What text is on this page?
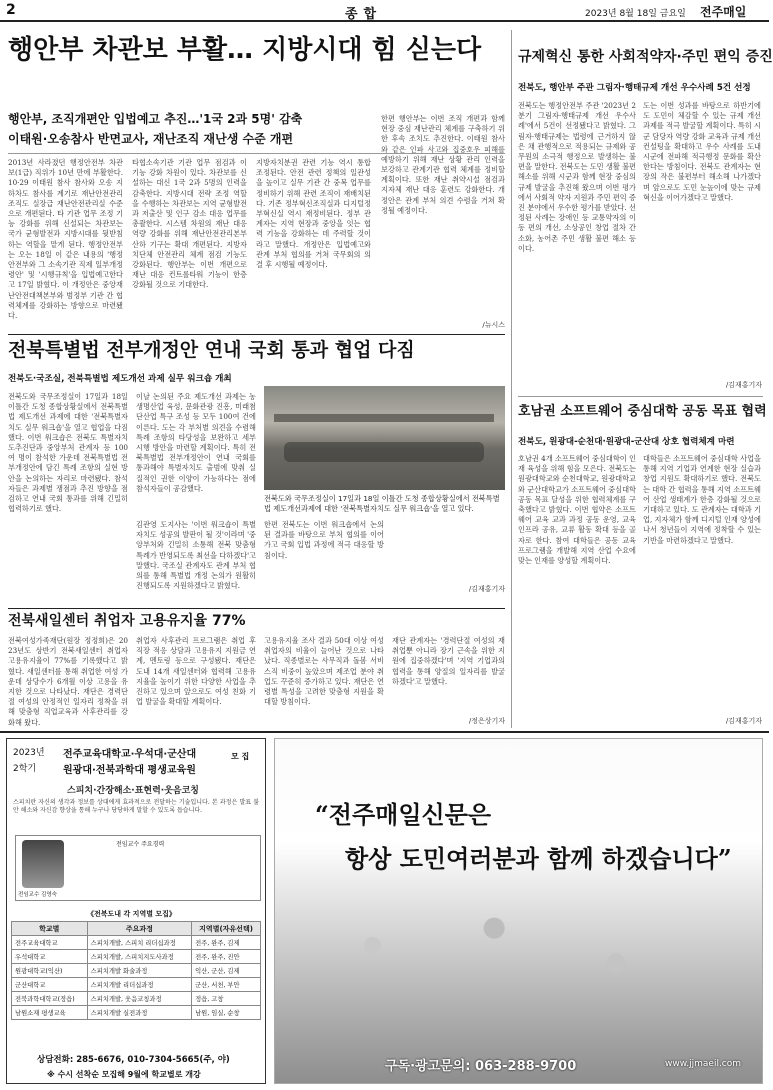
2	종합	2023년 8월 18일 금요일 전주매일
행안부 차관보 부활… 지방시대 힘 싣는다
행안부, 조직개편안 입법예고 추진…'1국 2과 5명' 감축
이태원·오송참사 반면교사, 재난조직 재난생 수준 개편
2013년 사라졌던 행정안전부 차관보(1급) 직위가 10년 만에 부활한다. 10·29 이태원 참사 참사와 오송 지하차도 참사를 계기로 재난안전관리 조직도 실장급 재난안전관리실 수준으로 개편된다. 타 기관 업무 조정 기능 강화를 위해 신설되는 차관보는 국가 균형발전과 지방시대를 뒷받침하는 역할을 맡게 된다. 행정안전부는 오는 18일 이 같은 내용의 '행정안전부와 그 소속기관 직제 일부개정령안' 및 '시행규칙'을 입법예고한다고 17일 밝혔다. 이 개정안은 중앙재난안전대책본부와 범정부 기관 간 협력체계를 강화하는 방향으로 마련됐다.
타협소속기관 기관 업무 점검과 이 기능 강화 차원이 있다. 차관보를 신설하는 대신 1국 2과 5명의 인력을 감축한다. 지방시대 전략 조정 역할을 수행하는 차관보는 지역 균형발전과 저출산 및 인구 감소 대응 업무를 총괄한다. 시스템 차원의 재난 대응 역량 강화를 위해 재난안전관리본부 산하 기구는 확대 개편된다. 지방자치단체 안전관리 체계 점검 기능도 강화된다. 행안부는 이번 개편으로 재난 대응 컨트롤타워 기능이 한층 강화될 것으로 기대한다.
지방자치분권 관련 기능 역시 통합 조정된다. 안전 관련 정책의 일관성을 높이고 실무 기관 간 중복 업무를 정비하기 위해 관련 조직이 재배치된다. 기존 정부혁신조직실과 디지털정부혁신실 역시 재정비된다. 정부 관계자는 지역 현장과 중앙을 잇는 협력 기능을 강화하는 데 주력할 것이라고 말했다. 개정안은 입법예고와 관계 부처 협의를 거쳐 국무회의 의결 후 시행될 예정이다.
한편 행안부는 이번 조직 개편과 함께 현장 중심 재난관리 체계를 구축하기 위한 후속 조치도 추진한다. 이태원 참사와 같은 인파 사고와 집중호우 피해를 예방하기 위해 재난 상황 관리 인력을 보강하고 관계기관 협력 체계를 정비할 계획이다. 또한 재난 취약시설 점검과 지자체 재난 대응 훈련도 강화한다. 개정안은 관계 부처 의견 수렴을 거쳐 확정될 예정이다.
/뉴시스
규제혁신 통한 사회적약자·주민 편익 증진
전북도, 행안부 주관 그림자·행태규제 개선 우수사례 5건 선정
전북도는 행정안전부 주관 '2023년 2분기 그림자·행태규제 개선 우수사례'에서 5건이 선정됐다고 밝혔다. 그림자·행태규제는 법령에 근거하지 않은 채 관행적으로 적용되는 규제와 공무원의 소극적 행정으로 발생하는 불편을 말한다. 전북도는 도민 생활 불편 해소를 위해 시군과 함께 현장 중심의 규제 발굴을 추진해 왔으며 이번 평가에서 사회적 약자 지원과 주민 편익 증진 분야에서 우수한 평가를 받았다. 선정된 사례는 장애인 등 교통약자의 이동 편의 개선, 소상공인 창업 절차 간소화, 농어촌 주민 생활 불편 해소 등이다.
도는 이번 성과를 바탕으로 하반기에도 도민이 체감할 수 있는 규제 개선 과제를 적극 발굴할 계획이다. 특히 시군 담당자 역량 강화 교육과 규제 개선 컨설팅을 확대하고 우수 사례를 도내 시군에 전파해 적극행정 문화를 확산한다는 방침이다. 전북도 관계자는 현장의 작은 불편부터 해소해 나가겠다며 앞으로도 도민 눈높이에 맞는 규제혁신을 이어가겠다고 말했다.
/김재홍기자
호남권 소프트웨어 중심대학 공동 목표 협력
전북도, 원광대-순천대·원광대-군산대 상호 협력체계 마련
호남권 4개 소프트웨어 중심대학이 인재 육성을 위해 힘을 모은다. 전북도는 원광대학교와 순천대학교, 원광대학교와 군산대학교가 소프트웨어 중심대학 공동 목표 달성을 위한 협력체계를 구축했다고 밝혔다. 이번 협약은 소프트웨어 교육 교과 과정 공동 운영, 교육 인프라 공유, 교류 활동 확대 등을 골자로 한다. 참여 대학들은 공동 교육 프로그램을 개발해 지역 산업 수요에 맞는 인재를 양성할 계획이다.
대학들은 소프트웨어 중심대학 사업을 통해 지역 기업과 연계한 현장 실습과 창업 지원도 확대하기로 했다. 전북도는 대학 간 협력을 통해 지역 소프트웨어 산업 생태계가 한층 강화될 것으로 기대하고 있다. 도 관계자는 대학과 기업, 지자체가 함께 디지털 인재 양성에 나서 청년들이 지역에 정착할 수 있는 기반을 마련하겠다고 말했다.
/김재홍기자
전북특별법 전부개정안 연내 국회 통과 협업 다짐
전북도·국조실, 전북특별법 제도개선 과제 실무 워크숍 개최
전북도와 국무조정실이 17일과 18일 이틀간 도청 종합상황실에서 전북특별법 제도개선 과제에 대한 '전북특별자치도 실무 워크숍'을 열고 협업을 다짐했다. 이번 워크숍은 전북도 특별자치도추진단과 중앙부처 관계자 등 100여 명이 참석한 가운데 전북특별법 전부개정안에 담긴 특례 조항의 실현 방안을 논의하는 자리로 마련됐다. 참석자들은 과제별 쟁점과 추진 방향을 점검하고 연내 국회 통과를 위해 긴밀히 협력하기로 했다.
이날 논의된 주요 제도개선 과제는 농생명산업 육성, 문화관광 진흥, 미래첨단산업 특구 조성 등 모두 100여 건에 이른다. 도는 각 부처별 의견을 수렴해 특례 조항의 타당성을 보완하고 세부 시행 방안을 마련할 계획이다. 특히 전북특별법 전부개정안이 연내 국회를 통과해야 특별자치도 출범에 맞춰 실질적인 권한 이양이 가능하다는 점에 참석자들이 공감했다.
전북도와 국무조정실이 17일과 18일 이틀간 도청 종합상황실에서 전북특별법 제도개선과제에 대한 '전북특별자치도 실무 워크숍'을 열고 있다.
김관영 도지사는 '이번 워크숍이 특별자치도 성공의 발판이 될 것'이라며 '중앙부처와 긴밀히 소통해 전북 맞춤형 특례가 반영되도록 최선을 다하겠다'고 말했다. 국조실 관계자도 관계 부처 협의를 통해 특별법 개정 논의가 원활히 진행되도록 지원하겠다고 밝혔다.
한편 전북도는 이번 워크숍에서 논의된 결과를 바탕으로 부처 협의를 이어가고 국회 입법 과정에 적극 대응할 방침이다.
/김재홍기자
전북새일센터 취업자 고용유지율 77%
전북여성가족재단(원장 정정희)은 2023년도 상반기 전북새일센터 취업자 고용유지율이 77%를 기록했다고 밝혔다. 새일센터를 통해 취업한 여성 가운데 상당수가 6개월 이상 고용을 유지한 것으로 나타났다. 재단은 경력단절 여성의 안정적인 일자리 정착을 위해 맞춤형 직업교육과 사후관리를 강화해 왔다.
취업자 사후관리 프로그램은 취업 후 직장 적응 상담과 고용유지 지원금 연계, 멘토링 등으로 구성됐다. 재단은 도내 14개 새일센터와 협력해 고용유지율을 높이기 위한 다양한 사업을 추진하고 있으며 앞으로도 여성 친화 기업 발굴을 확대할 계획이다.
고용유지율 조사 결과 50대 이상 여성 취업자의 비율이 늘어난 것으로 나타났다. 직종별로는 사무직과 돌봄 서비스직 비중이 높았으며 제조업 분야 취업도 꾸준히 증가하고 있다. 재단은 연령별 특성을 고려한 맞춤형 지원을 확대할 방침이다.
재단 관계자는 '경력단절 여성의 재취업뿐 아니라 장기 근속을 위한 지원에 집중하겠다'며 '지역 기업과의 협력을 통해 양질의 일자리를 발굴하겠다'고 말했다.
/정은상기자
2023년
2학기
전주교육대학교·우석대·군산대
원광대·전북과학대 평생교육원
모 집
스피치·간장해소·표현력·웃음코칭
스피치란 자신의 생각과 정보를 상대에게 효과적으로 전달하는 기술입니다. 본 과정은 발표 불안 해소와 자신감 향상을 통해 누구나 당당하게 말할 수 있도록 돕습니다.
전임교수 김영숙
전임교수 주요경력
《전북도내 각 지역별 모집》
학교별	주요과정	지역별(자유선택)
전주교육대학교	스피치개발, 스피치 리더십과정	전주, 완주, 김제
우석대학교	스피치개발, 스피치지도사과정	전주, 완주, 진안
원광대학교(익산)	스피치개발 화술과정	익산, 군산, 김제
군산대학교	스피치개발 리더십과정	군산, 서천, 부안
전북과학대학교(정읍)	스피치개발, 웃음코칭과정	정읍, 고창
남원소재 평생교육	스피치개발 실전과정	남원, 임실, 순창
상담전화: 285-6676, 010-7304-5665(주, 야)
※ 수시 선착순 모집해 9월에 학교별로 개강
“전주매일신문은
항상 도민여러분과 함께 하겠습니다”
구독·광고문의: 063-288-9700	www.jjmaeil.com
